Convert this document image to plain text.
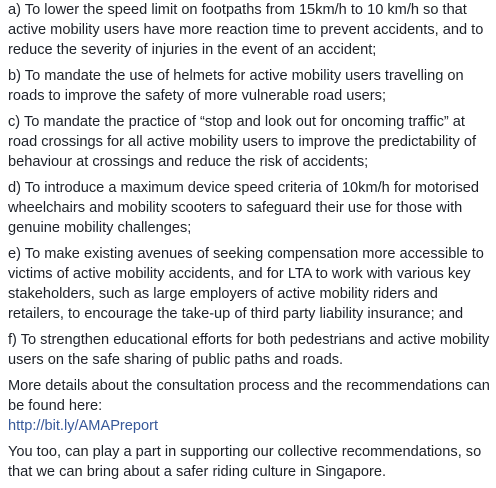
a) To lower the speed limit on footpaths from 15km/h to 10 km/h so that active mobility users have more reaction time to prevent accidents, and to reduce the severity of injuries in the event of an accident;

b) To mandate the use of helmets for active mobility users travelling on roads to improve the safety of more vulnerable road users;

c) To mandate the practice of “stop and look out for oncoming traffic” at road crossings for all active mobility users to improve the predictability of behaviour at crossings and reduce the risk of accidents;

d) To introduce a maximum device speed criteria of 10km/h for motorised wheelchairs and mobility scooters to safeguard their use for those with genuine mobility challenges;

e) To make existing avenues of seeking compensation more accessible to victims of active mobility accidents, and for LTA to work with various key stakeholders, such as large employers of active mobility riders and retailers, to encourage the take-up of third party liability insurance; and

f) To strengthen educational efforts for both pedestrians and active mobility users on the safe sharing of public paths and roads.

More details about the consultation process and the recommendations can be found here:
http://bit.ly/AMAPreport

You too, can play a part in supporting our collective recommendations, so that we can bring about a safer riding culture in Singapore.
